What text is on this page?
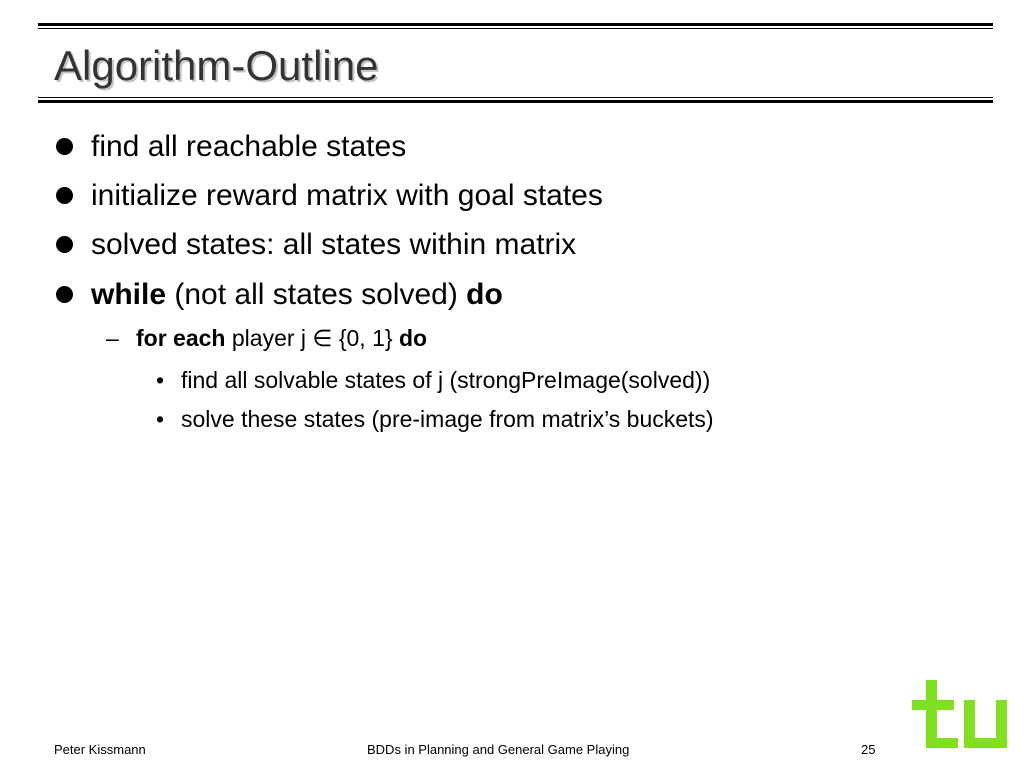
Algorithm-Outline
find all reachable states
initialize reward matrix with goal states
solved states: all states within matrix
while (not all states solved) do
– for each player j ∈ {0, 1} do
• find all solvable states of j (strongPreImage(solved))
• solve these states (pre-image from matrix’s buckets)
Peter Kissmann	BDDs in Planning and General Game Playing	25
